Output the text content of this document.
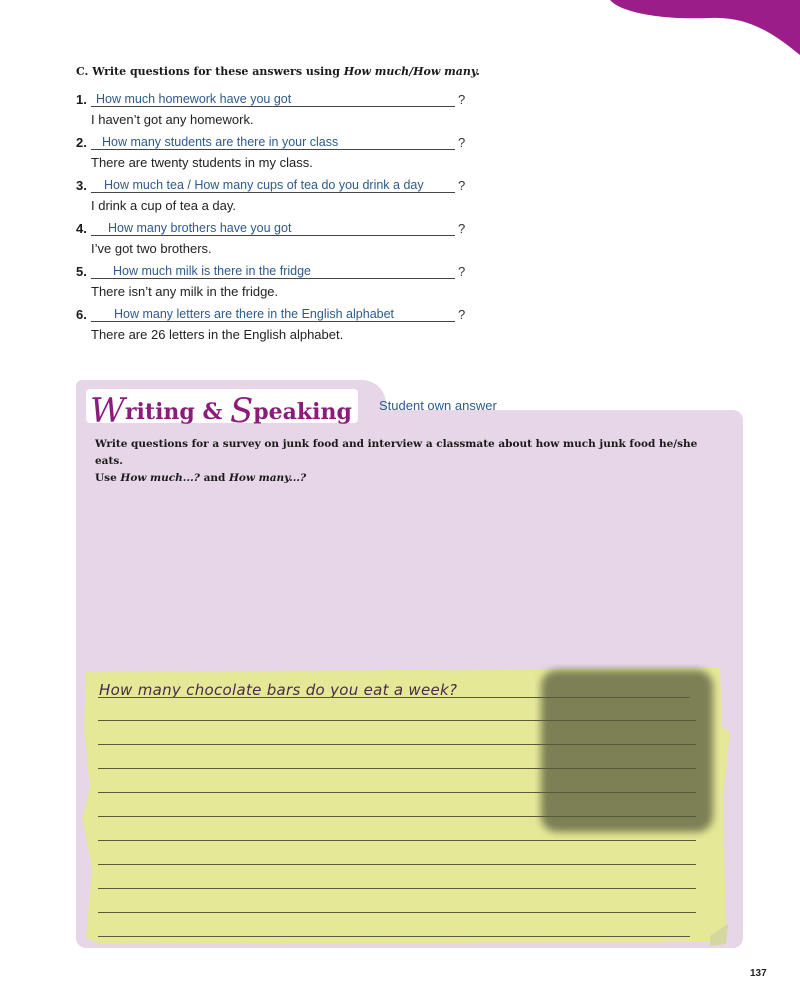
C. Write questions for these answers using How much/How many.
1. How much homework have you got	?
I haven’t got any homework.
2. How many students are there in your class	?
There are twenty students in my class.
3. How much tea / How many cups of tea do you drink a day	?
I drink a cup of tea a day.
4. How many brothers have you got	?
I’ve got two brothers.
5. How much milk is there in the fridge	?
There isn’t any milk in the fridge.
6. How many letters are there in the English alphabet	?
There are 26 letters in the English alphabet.
Writing & Speaking Student own answer
Write questions for a survey on junk food and interview a classmate about how much junk food he/she eats.
Use How much...? and How many...?
How many chocolate bars do you eat a week?
137
